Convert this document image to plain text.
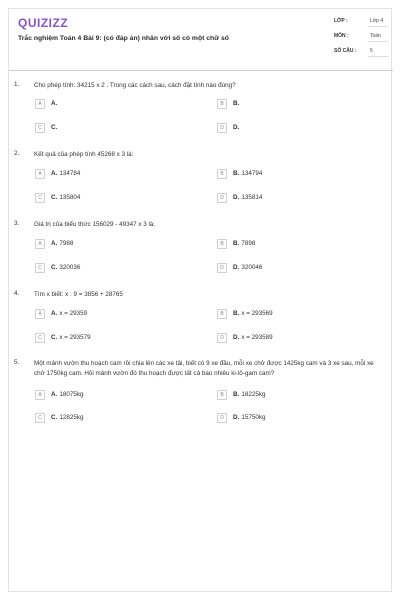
QUIZIZZ
Trắc nghiệm Toán 4 Bài 9: (có đáp án) nhân với số có một chữ số
LỚP :	Lớp 4
MÔN :	Toán
SỐ CÂU :	5
1. Cho phép tính: 34215 x 2 . Trong các cách sau, cách đặt tính nào đúng?
A	A.	B	B.
C	C.	D	D.
2. Kết quả của phép tính 45268 x 3 là:
A	A. 134784	B	B. 134794
C	C. 135804	D	D. 135814
3. Giá trị của biểu thức 156029 - 49347 x 3 là:
A	A. 7988	B	B. 7898
C	C. 320036	D	D. 320046
4. Tìm x biết: x : 9 = 3856 + 28765
A	A. x = 29359	B	B. x = 293569
C	C. x = 293579	D	D. x = 293589
5. Một mảnh vườn thu hoạch cam rồi chia lên các xe tải, biết có 9 xe đầu, mỗi xe chở được 1425kg cam và 3 xe sau, mỗi xe chở 1750kg cam. Hỏi mảnh vườn đó thu hoạch được tất cả bao nhiêu ki-lô-gam cam?
A	A. 18075kg	B	B. 18225kg
C	C. 12825kg	D	D. 15750kg
